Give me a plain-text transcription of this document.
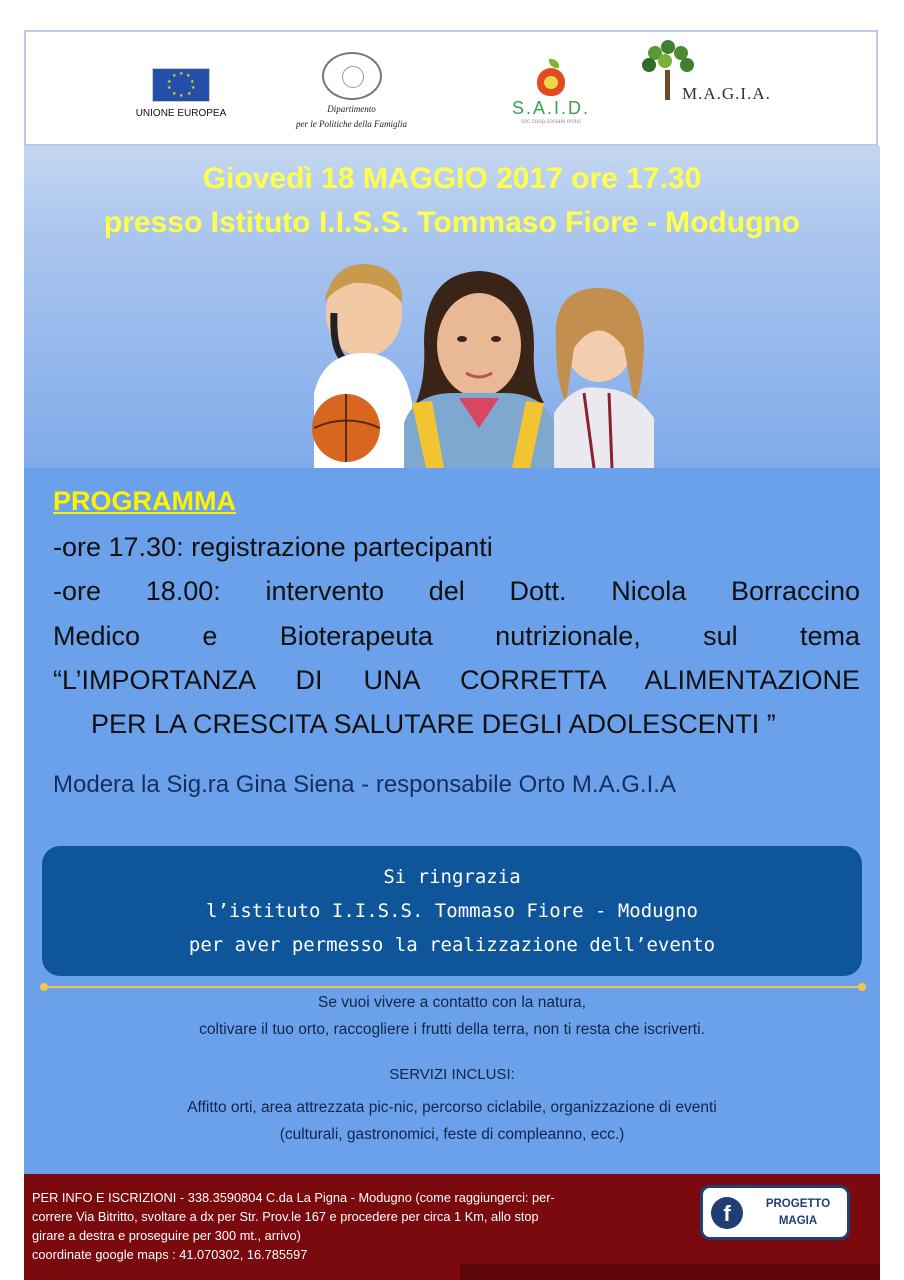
★ ★
★
★
★
★
★
★
★
★
UNIONE EUROPEA	Dipartimento
per le Politiche della Famiglia
S.A.I.D.
soc.coop.sociale onlus
M.A.G.I.A.
Giovedì 18 MAGGIO 2017 ore 17.30
presso Istituto I.I.S.S. Tommaso Fiore - Modugno
PROGRAMMA
-ore 17.30: registrazione partecipanti
-ore 18.00: intervento del Dott. Nicola Borraccino
Medico e Bioterapeuta nutrizionale, sul tema
“L’IMPORTANZA DI UNA CORRETTA ALIMENTAZIONE
PER LA CRESCITA SALUTARE DEGLI ADOLESCENTI ”
Modera la Sig.ra Gina Siena - responsabile Orto M.A.G.I.A
Si ringrazia
l’istituto I.I.S.S. Tommaso Fiore - Modugno
per aver permesso la realizzazione dell’evento
Se vuoi vivere a contatto con la natura,
coltivare il tuo orto, raccogliere i frutti della terra, non ti resta che iscriverti.
SERVIZI INCLUSI:
Affitto orti, area attrezzata pic-nic, percorso ciclabile, organizzazione di eventi
(culturali, gastronomici, feste di compleanno, ecc.)
PER INFO E ISCRIZIONI - 338.3590804 C.da La Pigna - Modugno (come raggiungerci: per-
correre Via Bitritto, svoltare a dx per Str. Prov.le 167 e procedere per circa 1 Km, allo stop
girare a destra e proseguire per 300 mt., arrivo)
coordinate google maps : 41.070302, 16.785597
f	PROGETTO
MAGIA
